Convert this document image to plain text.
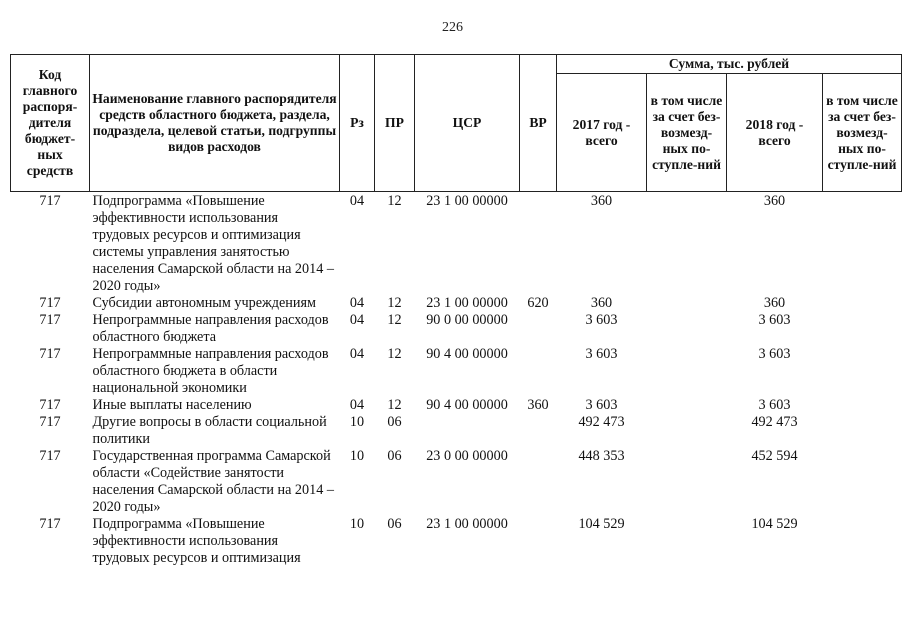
226
Код главного распоря-дителя бюджет-ных средств	Наименование главного распорядителя средств областного бюджета, раздела, подраздела, целевой статьи, подгруппы видов расходов	Рз	ПР	ЦСР	ВР	Сумма, тыс. рублей			
						2017 год - всего	в том числе за счет без-возмезд-ных по-ступле-ний	2018 год - всего	в том числе за счет без-возмезд-ных по-ступле-ний
717	Подпрограмма «Повышение эффективности использования трудовых ресурсов и оптимизация системы управления занятостью населения Самарской области на 2014 – 2020 годы»	04	12	23 1 00 00000		360		360	
717	Субсидии автономным учреждениям	04	12	23 1 00 00000	620	360		360	
717	Непрограммные направления расходов областного бюджета	04	12	90 0 00 00000		3 603		3 603	
717	Непрограммные направления расходов областного бюджета в области национальной экономики	04	12	90 4 00 00000		3 603		3 603	
717	Иные выплаты населению	04	12	90 4 00 00000	360	3 603		3 603	
717	Другие вопросы в области социальной политики	10	06			492 473		492 473	
717	Государственная программа Самарской области «Содействие занятости населения Самарской области на 2014 – 2020 годы»	10	06	23 0 00 00000		448 353		452 594	
717	Подпрограмма «Повышение эффективности использования трудовых ресурсов и оптимизация	10	06	23 1 00 00000		104 529		104 529	
